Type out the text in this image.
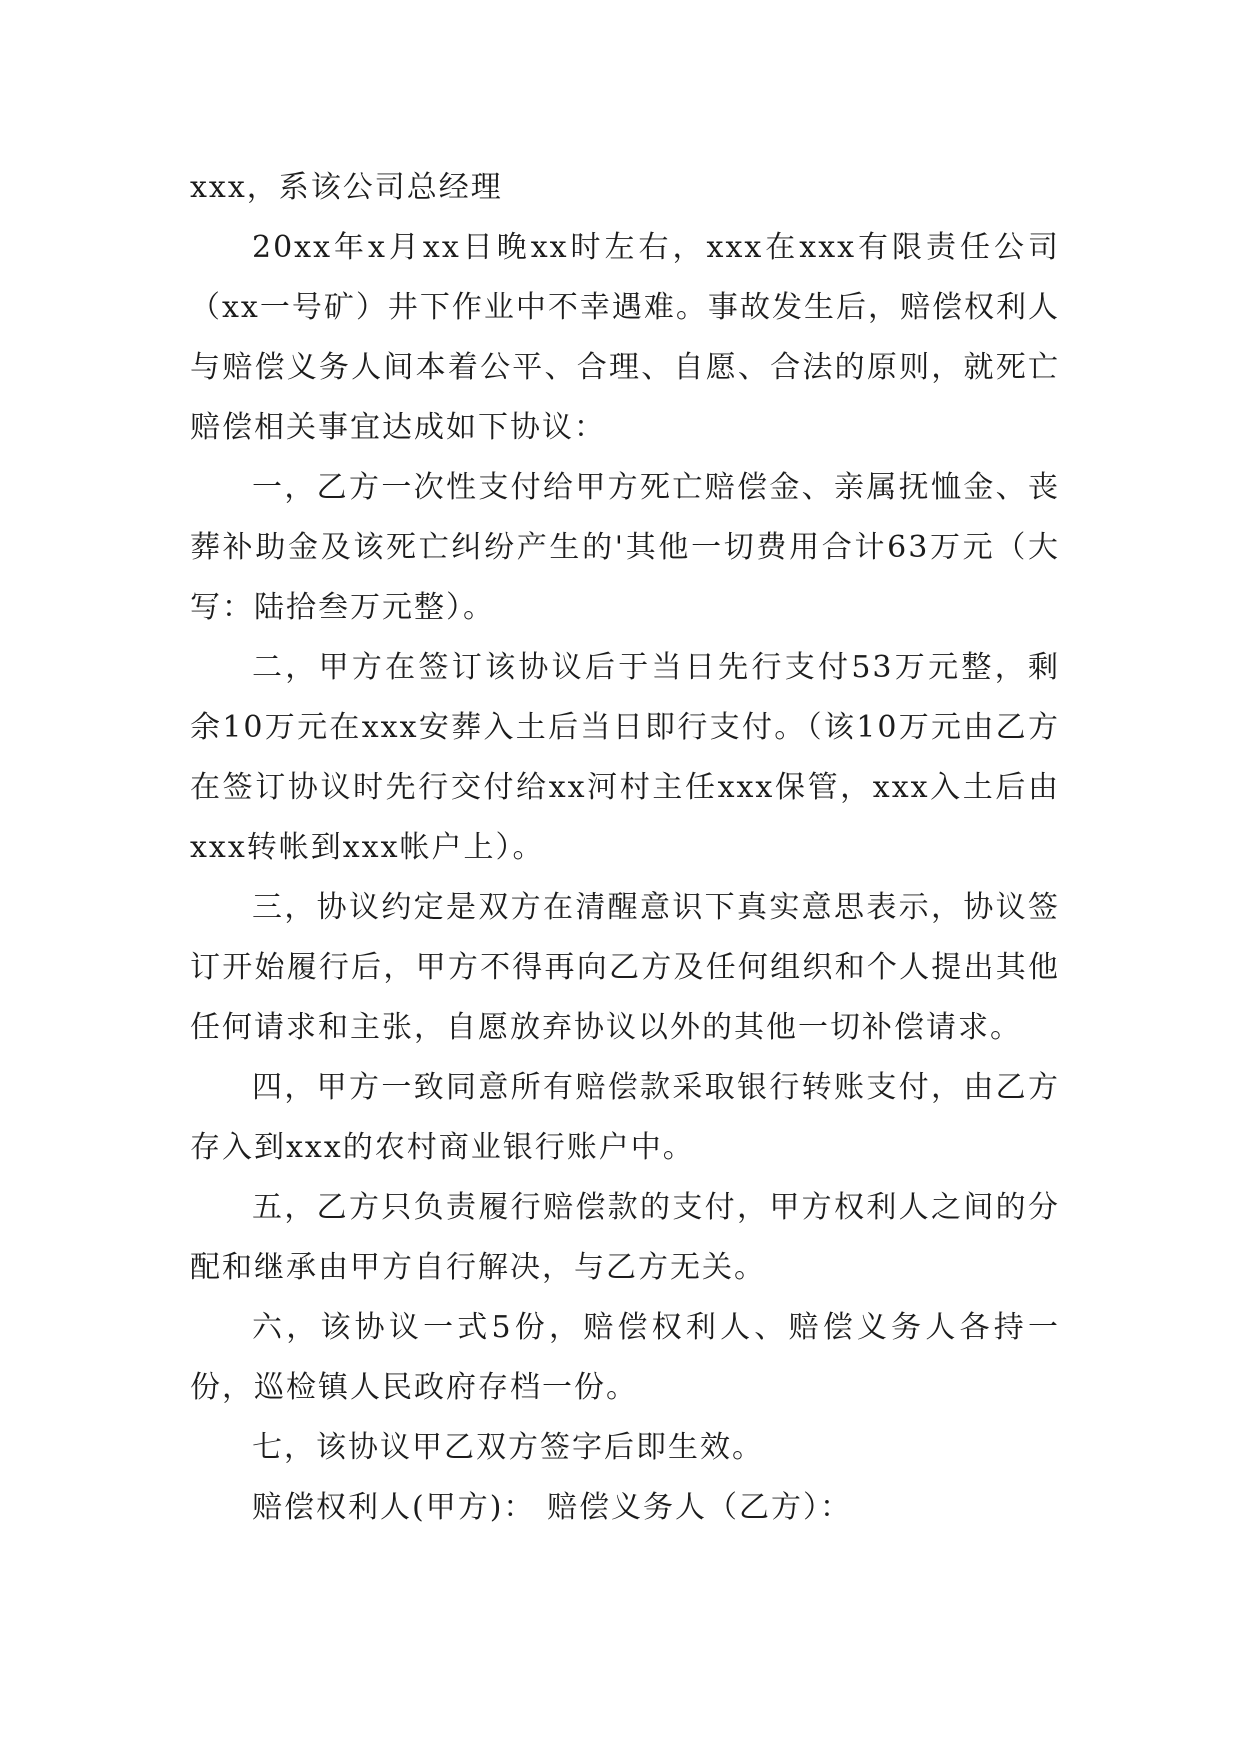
xxx，系该公司总经理

20xx年x月xx日晚xx时左右，xxx在xxx有限责任公司（xx一号矿）井下作业中不幸遇难。事故发生后，赔偿权利人与赔偿义务人间本着公平、合理、自愿、合法的原则，就死亡赔偿相关事宜达成如下协议：

一，乙方一次性支付给甲方死亡赔偿金、亲属抚恤金、丧葬补助金及该死亡纠纷产生的'其他一切费用合计63万元（大写：陆拾叁万元整）。

二，甲方在签订该协议后于当日先行支付53万元整，剩余10万元在xxx安葬入土后当日即行支付。（该10万元由乙方在签订协议时先行交付给xx河村主任xxx保管，xxx入土后由xxx转帐到xxx帐户上）。

三，协议约定是双方在清醒意识下真实意思表示，协议签订开始履行后，甲方不得再向乙方及任何组织和个人提出其他任何请求和主张，自愿放弃协议以外的其他一切补偿请求。

四，甲方一致同意所有赔偿款采取银行转账支付，由乙方存入到xxx的农村商业银行账户中。

五，乙方只负责履行赔偿款的支付，甲方权利人之间的分配和继承由甲方自行解决，与乙方无关。

六，该协议一式5份，赔偿权利人、赔偿义务人各持一份，巡检镇人民政府存档一份。

七，该协议甲乙双方签字后即生效。

赔偿权利人(甲方)： 赔偿义务人（乙方）：
